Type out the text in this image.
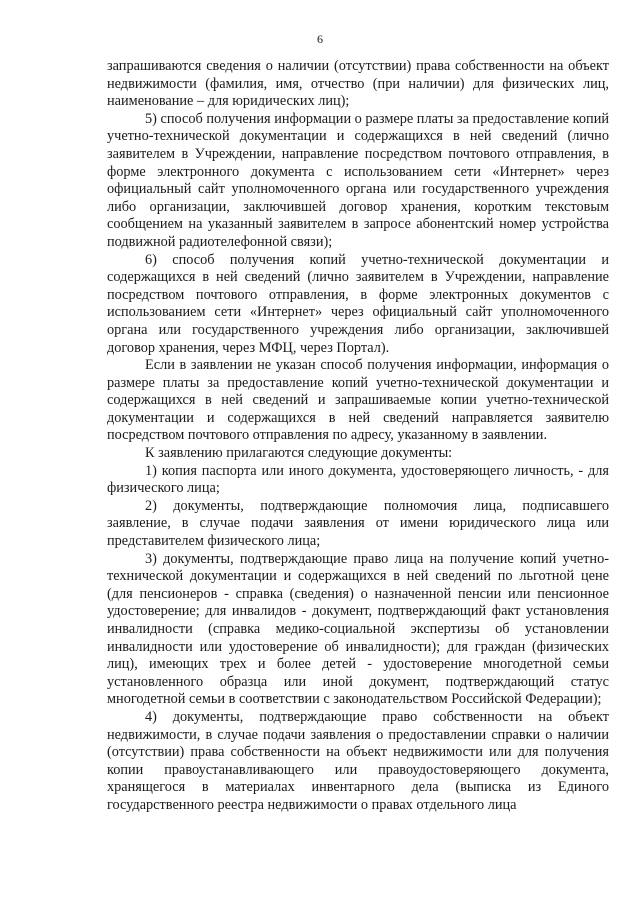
6

запрашиваются сведения о наличии (отсутствии) права собственности на объект недвижимости (фамилия, имя, отчество (при наличии) для физических лиц, наименование – для юридических лиц);

5) способ получения информации о размере платы за предоставление копий учетно-технической документации и содержащихся в ней сведений (лично заявителем в Учреждении, направление посредством почтового отправления, в форме электронного документа с использованием сети «Интернет» через официальный сайт уполномоченного органа или государственного учреждения либо организации, заключившей договор хранения, коротким текстовым сообщением на указанный заявителем в запросе абонентский номер устройства подвижной радиотелефонной связи);

6) способ получения копий учетно-технической документации и содержащихся в ней сведений (лично заявителем в Учреждении, направление посредством почтового отправления, в форме электронных документов с использованием сети «Интернет» через официальный сайт уполномоченного органа или государственного учреждения либо организации, заключившей договор хранения, через МФЦ, через Портал).

Если в заявлении не указан способ получения информации, информация о размере платы за предоставление копий учетно-технической документации и содержащихся в ней сведений и запрашиваемые копии учетно-технической документации и содержащихся в ней сведений направляется заявителю посредством почтового отправления по адресу, указанному в заявлении.

К заявлению прилагаются следующие документы:

1) копия паспорта или иного документа, удостоверяющего личность, - для физического лица;

2) документы, подтверждающие полномочия лица, подписавшего заявление, в случае подачи заявления от имени юридического лица или представителем физического лица;

3) документы, подтверждающие право лица на получение копий учетно-технической документации и содержащихся в ней сведений по льготной цене (для пенсионеров - справка (сведения) о назначенной пенсии или пенсионное удостоверение; для инвалидов - документ, подтверждающий факт установления инвалидности (справка медико-социальной экспертизы об установлении инвалидности или удостоверение об инвалидности); для граждан (физических лиц), имеющих трех и более детей - удостоверение многодетной семьи установленного образца или иной документ, подтверждающий статус многодетной семьи в соответствии с законодательством Российской Федерации);

4) документы, подтверждающие право собственности на объект недвижимости, в случае подачи заявления о предоставлении справки о наличии (отсутствии) права собственности на объект недвижимости или для получения копии правоустанавливающего или правоудостоверяющего документа, хранящегося в материалах инвентарного дела (выписка из Единого государственного реестра недвижимости о правах отдельного лица
